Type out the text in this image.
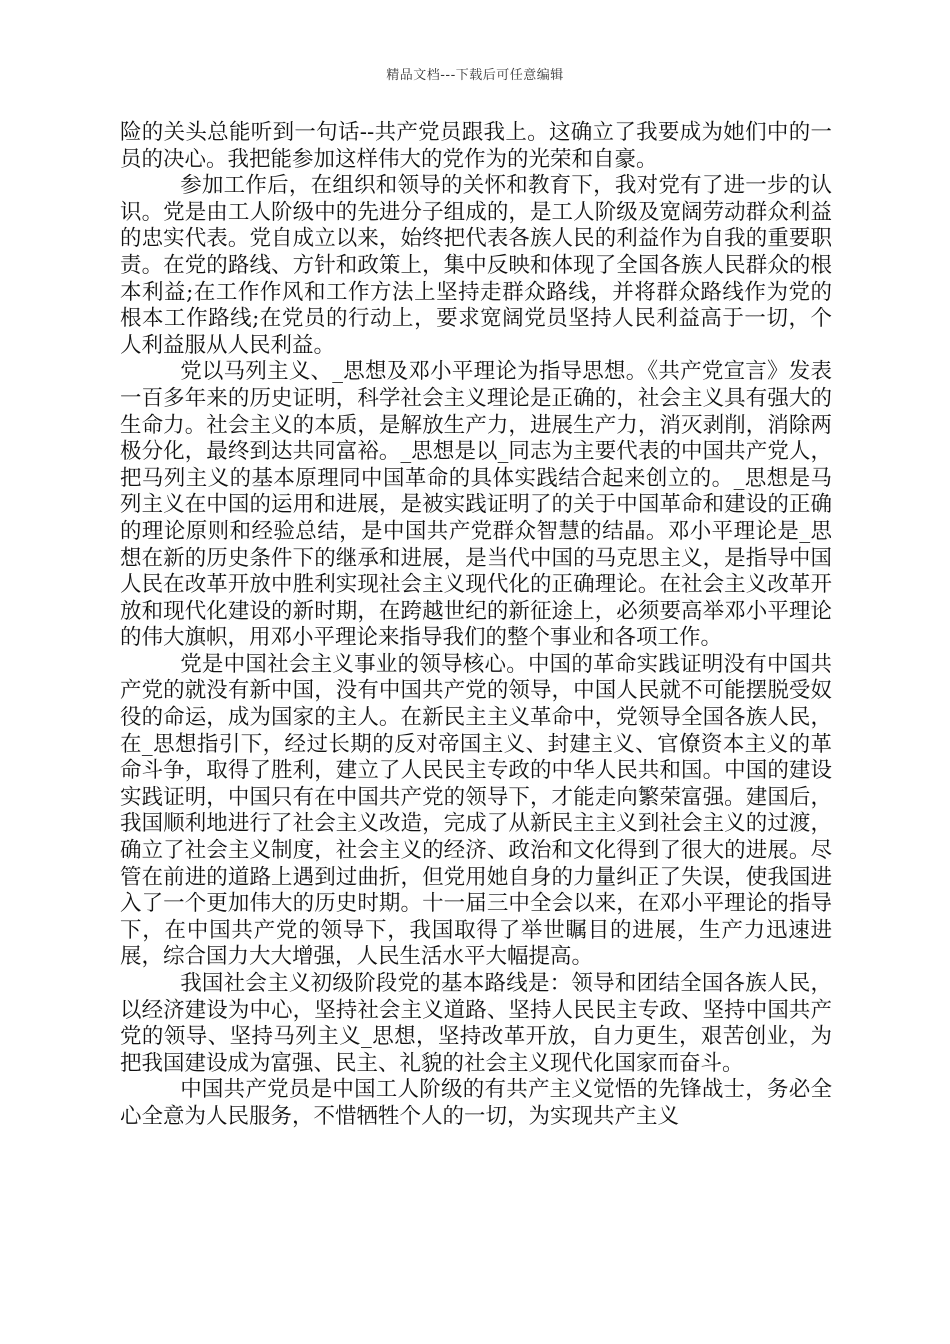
精品文档---下载后可任意编辑

险的关头总能听到一句话--共产党员跟我上。这确立了我要成为她们中的一员的决心。我把能参加这样伟大的党作为的光荣和自豪。

参加工作后，在组织和领导的关怀和教育下，我对党有了进一步的认识。党是由工人阶级中的先进分子组成的，是工人阶级及宽阔劳动群众利益的忠实代表。党自成立以来，始终把代表各族人民的利益作为自我的重要职责。在党的路线、方针和政策上，集中反映和体现了全国各族人民群众的根本利益;在工作作风和工作方法上坚持走群众路线，并将群众路线作为党的根本工作路线;在党员的行动上，要求宽阔党员坚持人民利益高于一切，个人利益服从人民利益。

党以马列主义、_思想及邓小平理论为指导思想。《共产党宣言》发表一百多年来的历史证明，科学社会主义理论是正确的，社会主义具有强大的生命力。社会主义的本质，是解放生产力，进展生产力，消灭剥削，消除两极分化，最终到达共同富裕。_思想是以_同志为主要代表的中国共产党人，把马列主义的基本原理同中国革命的具体实践结合起来创立的。_思想是马列主义在中国的运用和进展，是被实践证明了的关于中国革命和建设的正确的理论原则和经验总结，是中国共产党群众智慧的结晶。邓小平理论是_思想在新的历史条件下的继承和进展，是当代中国的马克思主义，是指导中国人民在改革开放中胜利实现社会主义现代化的正确理论。在社会主义改革开放和现代化建设的新时期，在跨越世纪的新征途上，必须要高举邓小平理论的伟大旗帜，用邓小平理论来指导我们的整个事业和各项工作。

党是中国社会主义事业的领导核心。中国的革命实践证明没有中国共产党的就没有新中国，没有中国共产党的领导，中国人民就不可能摆脱受奴役的命运，成为国家的主人。在新民主主义革命中，党领导全国各族人民，在_思想指引下，经过长期的反对帝国主义、封建主义、官僚资本主义的革命斗争，取得了胜利，建立了人民民主专政的中华人民共和国。中国的建设实践证明，中国只有在中国共产党的领导下，才能走向繁荣富强。建国后，我国顺利地进行了社会主义改造，完成了从新民主主义到社会主义的过渡，确立了社会主义制度，社会主义的经济、政治和文化得到了很大的进展。尽管在前进的道路上遇到过曲折，但党用她自身的力量纠正了失误，使我国进入了一个更加伟大的历史时期。十一届三中全会以来，在邓小平理论的指导下，在中国共产党的领导下，我国取得了举世瞩目的进展，生产力迅速进展，综合国力大大增强，人民生活水平大幅提高。

我国社会主义初级阶段党的基本路线是：领导和团结全国各族人民，以经济建设为中心，坚持社会主义道路、坚持人民民主专政、坚持中国共产党的领导、坚持马列主义_思想，坚持改革开放，自力更生，艰苦创业，为把我国建设成为富强、民主、礼貌的社会主义现代化国家而奋斗。

中国共产党员是中国工人阶级的有共产主义觉悟的先锋战士，务必全心全意为人民服务，不惜牺牲个人的一切，为实现共产主义
